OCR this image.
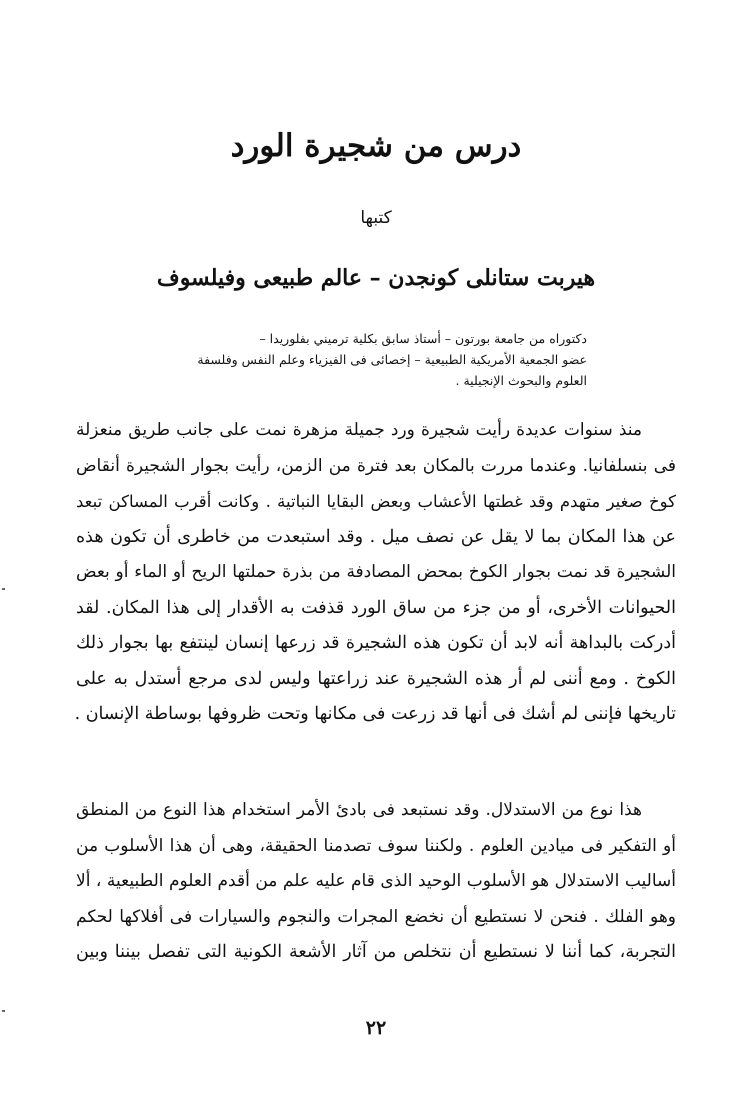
درس من شجيرة الورد

كتبها

هيربت ستانلى كونجدن – عالم طبيعى وفيلسوف
دكتوراه من جامعة بورتون – أستاذ سابق بكلية ترميني بفلوريدا –
عضو الجمعية الأمريكية الطبيعية – إخصائى فى الفيزياء وعلم النفس وفلسفة
العلوم والبحوث الإنجيلية .
منذ سنوات عديدة رأيت شجيرة ورد جميلة مزهرة نمت على جانب طريق منعزلة
فى بنسلفانيا. وعندما مررت بالمكان بعد فترة من الزمن، رأيت بجوار الشجيرة أنقاض
كوخ صغير متهدم وقد غطتها الأعشاب وبعض البقايا النباتية . وكانت أقرب المساكن تبعد
عن هذا المكان بما لا يقل عن نصف ميل . وقد استبعدت من خاطرى أن تكون هذه
الشجيرة قد نمت بجوار الكوخ بمحض المصادفة من بذرة حملتها الريح أو الماء أو بعض
الحيوانات الأخرى، أو من جزء من ساق الورد قذفت به الأقدار إلى هذا المكان. لقد
أدركت بالبداهة أنه لابد أن تكون هذه الشجيرة قد زرعها إنسان لينتفع بها بجوار ذلك
الكوخ . ومع أننى لم أر هذه الشجيرة عند زراعتها وليس لدى مرجع أستدل به على
تاريخها فإننى لم أشك فى أنها قد زرعت فى مكانها وتحت ظروفها بوساطة الإنسان .
هذا نوع من الاستدلال. وقد نستبعد فى بادئ الأمر استخدام هذا النوع من المنطق
أو التفكير فى ميادين العلوم . ولكننا سوف تصدمنا الحقيقة، وهى أن هذا الأسلوب من
أساليب الاستدلال هو الأسلوب الوحيد الذى قام عليه علم من أقدم العلوم الطبيعية ، ألا
وهو الفلك . فنحن لا نستطيع أن نخضع المجرات والنجوم والسيارات فى أفلاكها لحكم
التجربة، كما أننا لا نستطيع أن نتخلص من آثار الأشعة الكونية التى تفصل بيننا وبين
٢٢
